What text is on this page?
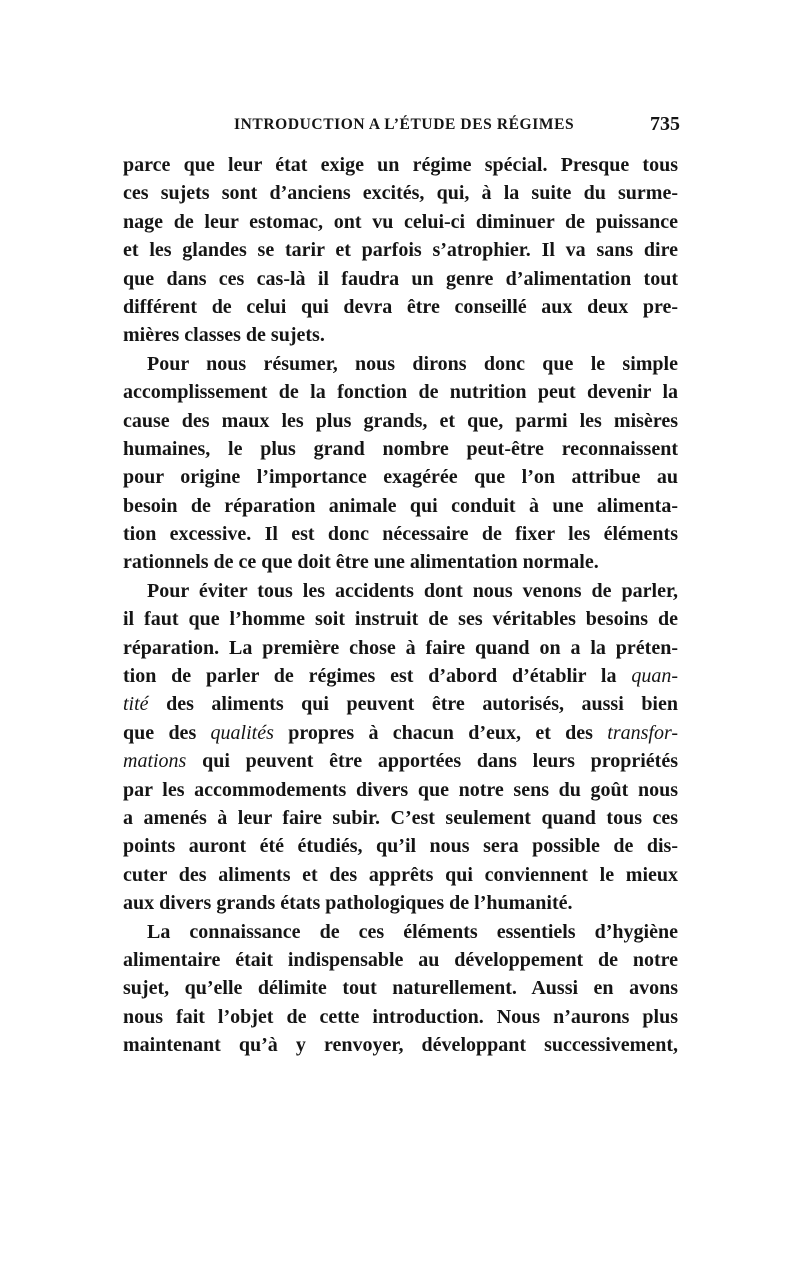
INTRODUCTION A L’ÉTUDE DES RÉGIMES	735
parce que leur état exige un régime spécial. Presque tous
ces sujets sont d’anciens excités, qui, à la suite du surme-
nage de leur estomac, ont vu celui-ci diminuer de puissance
et les glandes se tarir et parfois s’atrophier. Il va sans dire
que dans ces cas-là il faudra un genre d’alimentation tout
différent de celui qui devra être conseillé aux deux pre-
mières classes de sujets.
Pour nous résumer, nous dirons donc que le simple
accomplissement de la fonction de nutrition peut devenir la
cause des maux les plus grands, et que, parmi les misères
humaines, le plus grand nombre peut-être reconnaissent
pour origine l’importance exagérée que l’on attribue au
besoin de réparation animale qui conduit à une alimenta-
tion excessive. Il est donc nécessaire de fixer les éléments
rationnels de ce que doit être une alimentation normale.
Pour éviter tous les accidents dont nous venons de parler,
il faut que l’homme soit instruit de ses véritables besoins de
réparation. La première chose à faire quand on a la préten-
tion de parler de régimes est d’abord d’établir la quan-
tité des aliments qui peuvent être autorisés, aussi bien
que des qualités propres à chacun d’eux, et des transfor-
mations qui peuvent être apportées dans leurs propriétés
par les accommodements divers que notre sens du goût nous
a amenés à leur faire subir. C’est seulement quand tous ces
points auront été étudiés, qu’il nous sera possible de dis-
cuter des aliments et des apprêts qui conviennent le mieux
aux divers grands états pathologiques de l’humanité.
La connaissance de ces éléments essentiels d’hygiène
alimentaire était indispensable au développement de notre
sujet, qu’elle délimite tout naturellement. Aussi en avons
nous fait l’objet de cette introduction. Nous n’aurons plus
maintenant qu’à y renvoyer, développant successivement,
